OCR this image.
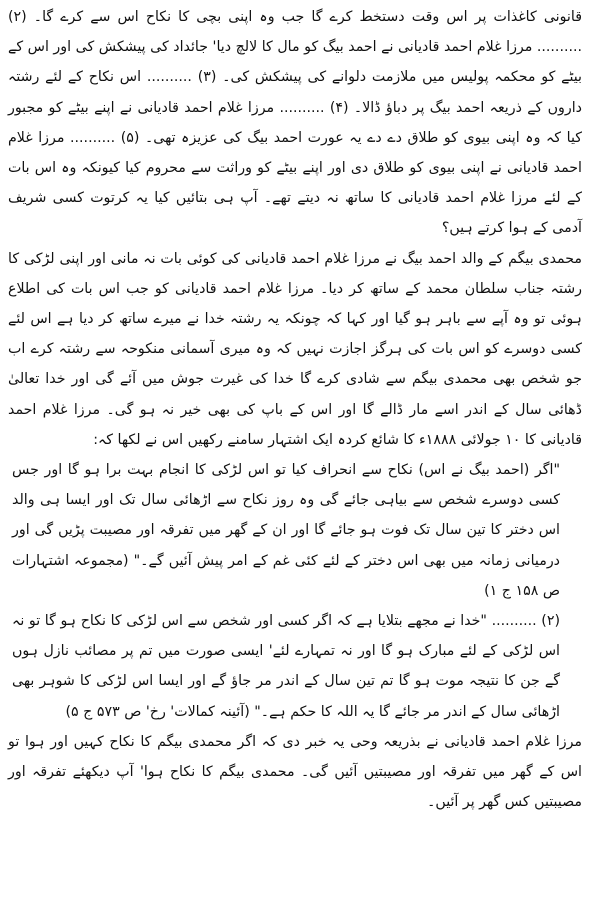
قانونی کاغذات پر اس وقت دستخط کرے گا جب وہ اپنی بچی کا نکاح اس سے کرے گا۔ (۲) .......... مرزا غلام احمد قادیانی نے احمد بیگ کو مال کا لالچ دیا' جائداد کی پیشکش کی اور اس کے بیٹے کو محکمہ پولیس میں ملازمت دلوانے کی پیشکش کی۔ (۳) .......... اس نکاح کے لئے رشتہ داروں کے ذریعہ احمد بیگ پر دباؤ ڈالا۔ (۴) .......... مرزا غلام احمد قادیانی نے اپنے بیٹے کو مجبور کیا کہ وہ اپنی بیوی کو طلاق دے دے یہ عورت احمد بیگ کی عزیزہ تھی۔ (۵) .......... مرزا غلام احمد قادیانی نے اپنی بیوی کو طلاق دی اور اپنے بیٹے کو وراثت سے محروم کیا کیونکہ وہ اس بات کے لئے مرزا غلام احمد قادیانی کا ساتھ نہ دیتے تھے۔ آپ ہی بتائیں کیا یہ کرتوت کسی شریف آدمی کے ہوا کرتے ہیں؟

محمدی بیگم کے والد احمد بیگ نے مرزا غلام احمد قادیانی کی کوئی بات نہ مانی اور اپنی لڑکی کا رشتہ جناب سلطان محمد کے ساتھ کر دیا۔ مرزا غلام احمد قادیانی کو جب اس بات کی اطلاع ہوئی تو وہ آپے سے باہر ہو گیا اور کہا کہ چونکہ یہ رشتہ خدا نے میرے ساتھ کر دیا ہے اس لئے کسی دوسرے کو اس بات کی ہرگز اجازت نہیں کہ وہ میری آسمانی منکوحہ سے رشتہ کرے اب جو شخص بھی محمدی بیگم سے شادی کرے گا خدا کی غیرت جوش میں آئے گی اور خدا تعالیٰ ڈھائی سال کے اندر اسے مار ڈالے گا اور اس کے باپ کی بھی خیر نہ ہو گی۔ مرزا غلام احمد قادیانی کا ۱۰ جولائی ۱۸۸۸ء کا شائع کردہ ایک اشتہار سامنے رکھیں اس نے لکھا کہ:

"اگر (احمد بیگ نے اس) نکاح سے انحراف کیا تو اس لڑکی کا انجام بہت برا ہو گا اور جس کسی دوسرے شخص سے بیاہی جائے گی وہ روز نکاح سے اڑھائی سال تک اور ایسا ہی والد اس دختر کا تین سال تک فوت ہو جائے گا اور ان کے گھر میں تفرقہ اور مصیبت پڑیں گی اور درمیانی زمانہ میں بھی اس دختر کے لئے کئی غم کے امر پیش آئیں گے۔" (مجموعہ اشتہارات ص ۱۵۸ ج ۱)

(۲) .......... "خدا نے مجھے بتلایا ہے کہ اگر کسی اور شخص سے اس لڑکی کا نکاح ہو گا تو نہ اس لڑکی کے لئے مبارک ہو گا اور نہ تمہارے لئے' ایسی صورت میں تم پر مصائب نازل ہوں گے جن کا نتیجہ موت ہو گا تم تین سال کے اندر مر جاؤ گے اور ایسا اس لڑکی کا شوہر بھی اڑھائی سال کے اندر مر جائے گا یہ اللہ کا حکم ہے۔" (آئینہ کمالات' رخ' ص ۵۷۳ ج ۵)

مرزا غلام احمد قادیانی نے بذریعہ وحی یہ خبر دی کہ اگر محمدی بیگم کا نکاح کہیں اور ہوا تو اس کے گھر میں تفرقہ اور مصیبتیں آئیں گی۔ محمدی بیگم کا نکاح ہوا' آپ دیکھئے تفرقہ اور مصیبتیں کس گھر پر آئیں۔
